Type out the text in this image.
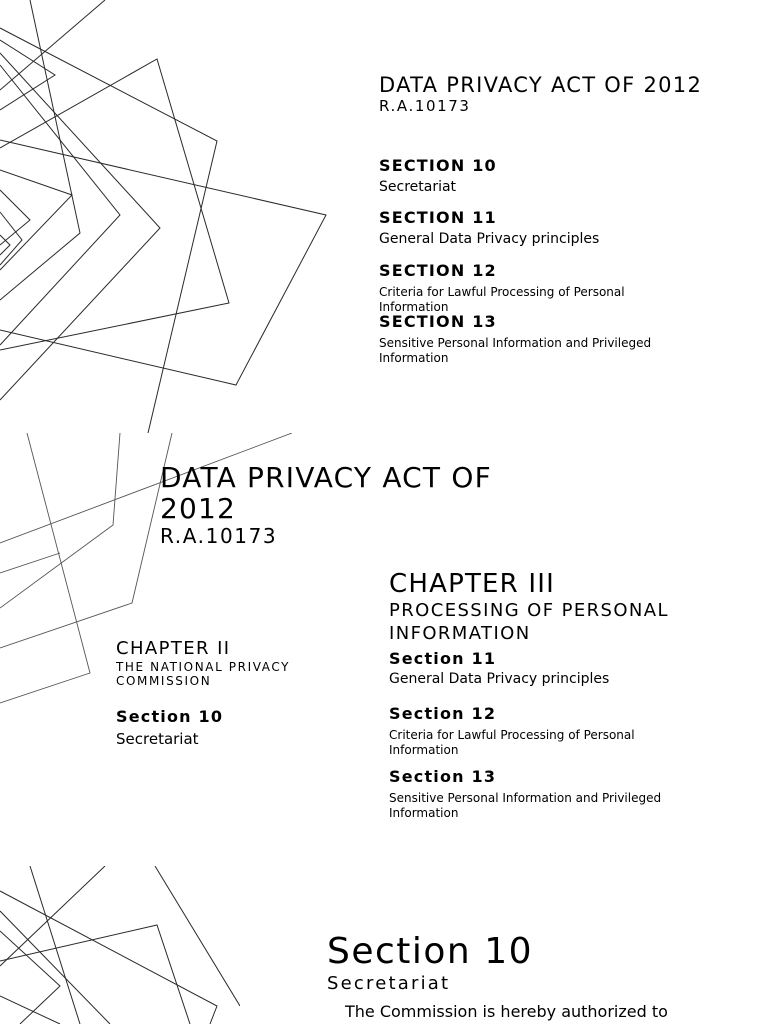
DATA PRIVACY ACT OF 2012
R.A.10173
SECTION 10
Secretariat
SECTION 11
General Data Privacy principles
SECTION 12
Criteria for Lawful Processing of Personal Information
SECTION 13
Sensitive Personal Information and Privileged Information
DATA PRIVACY ACT OF 2012
R.A.10173
CHAPTER II
THE NATIONAL PRIVACY COMMISSION
Section 10
Secretariat
CHAPTER III
PROCESSING OF PERSONAL INFORMATION
Section 11
General Data Privacy principles
Section 12
Criteria for Lawful Processing of Personal Information
Section 13
Sensitive Personal Information and Privileged Information
Section 10
Secretariat
The Commission is hereby authorized to
